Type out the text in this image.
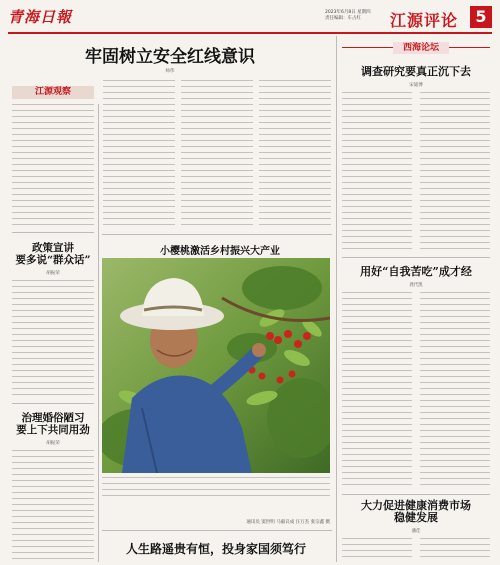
青海日報	2023年6月8日 星期四
责任编辑：车占红	江源评论	5
牢固树立安全红线意识
师伟
江源观察
政策宣讲
要多说“群众话”
胡振荣
治理婚俗陋习
要上下共同用劲
胡振荣
小樱桃激活乡村振兴大产业
通讯员 窦世明 马毅议成 汪万杰 张宗鑫 摄
人生路遥贵有恒，投身家国须笃行
西海论坛
调查研究要真正沉下去
宋迪博
用好“自我苦吃”成才经
龚代凯
大力促进健康消费市场
稳健发展
潘佳
